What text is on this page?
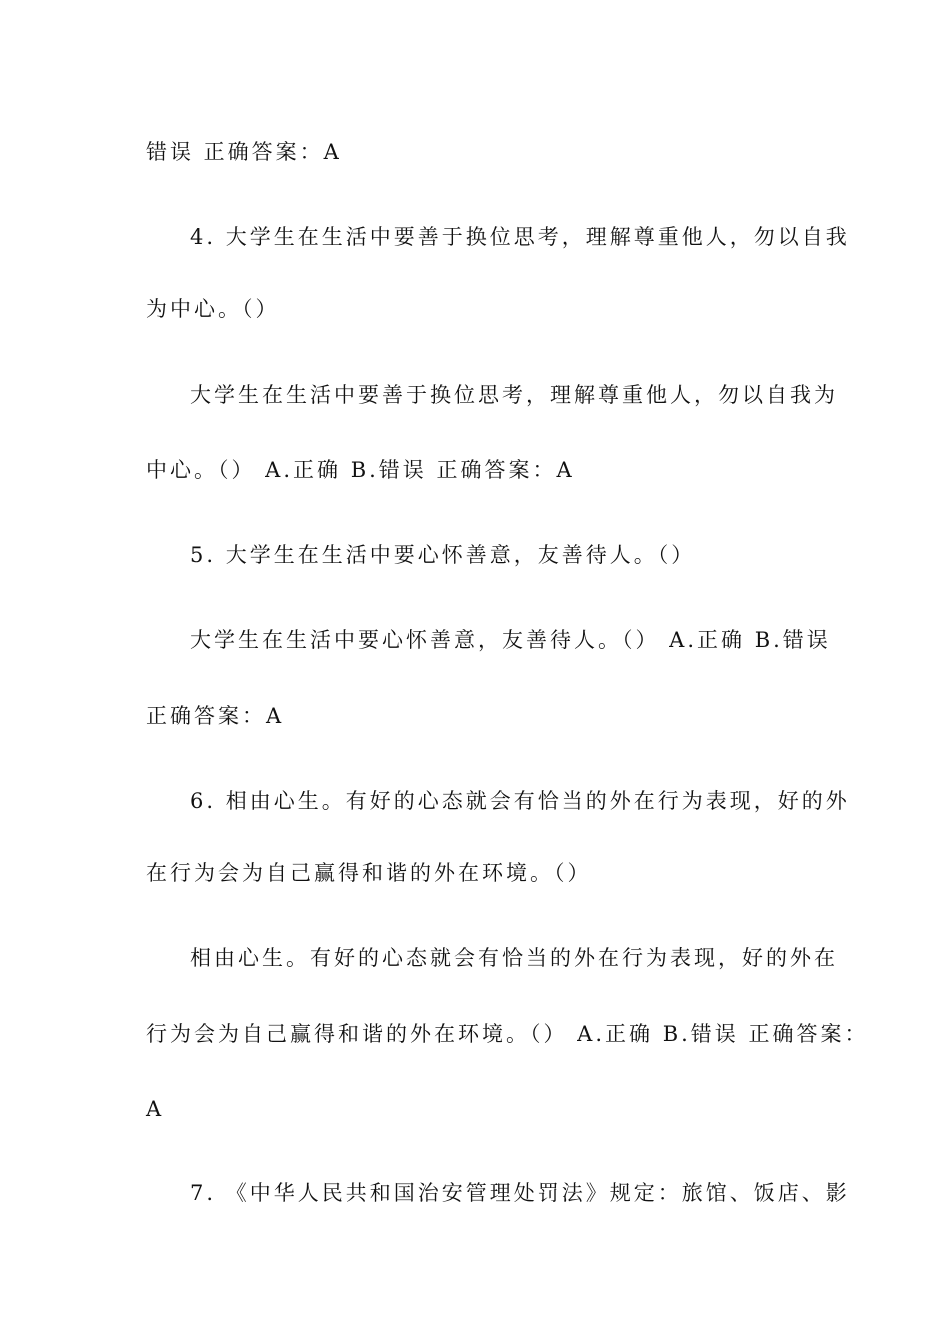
错误 正确答案：A
4. 大学生在生活中要善于换位思考，理解尊重他人，勿以自我
为中心。（）
大学生在生活中要善于换位思考，理解尊重他人，勿以自我为
中心。（） A.正确 B.错误 正确答案：A
5. 大学生在生活中要心怀善意，友善待人。（）
大学生在生活中要心怀善意，友善待人。（） A.正确 B.错误
正确答案：A
6. 相由心生。有好的心态就会有恰当的外在行为表现，好的外
在行为会为自己赢得和谐的外在环境。（）
相由心生。有好的心态就会有恰当的外在行为表现，好的外在
行为会为自己赢得和谐的外在环境。（） A.正确 B.错误 正确答案：
A
7. 《中华人民共和国治安管理处罚法》规定：旅馆、饭店、影
